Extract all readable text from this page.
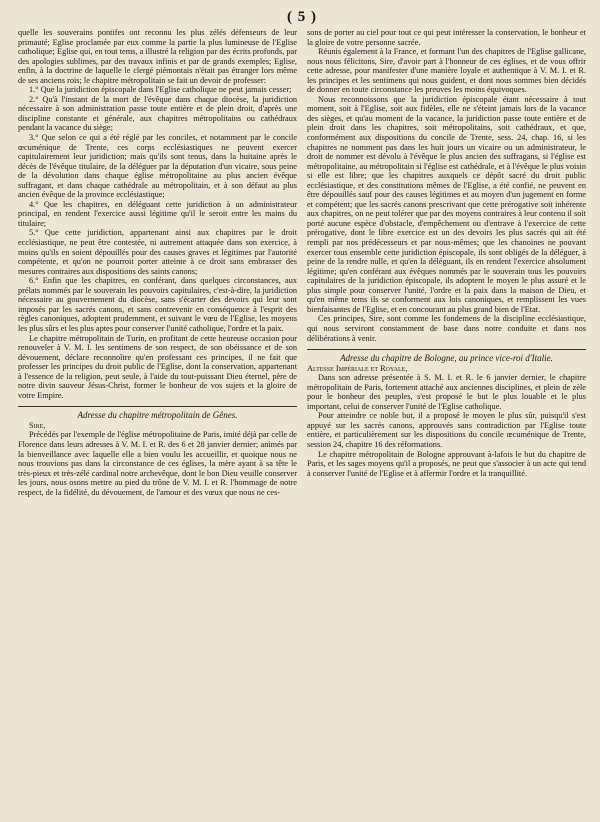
( 5 )

quelle les souverains pontifes ont reconnu les plus zélés défenseurs de leur primauté; Eglise proclamée par eux comme la partie la plus lumineuse de l'Eglise catholique; Eglise qui, en tout tems, a illustré la religion par des écrits profonds, par des apologies sublimes, par des travaux infinis et par de grands exemples; Eglise, enfin, à la doctrine de laquelle le clergé piémontais n'était pas étranger lors même de ses anciens rois; le chapitre métropolitain se fait un devoir de professer:

1.° Que la juridiction épiscopale dans l'Eglise catholique ne peut jamais cesser;

2.° Qu'à l'instant de la mort de l'évêque dans chaque diocèse, la juridiction nécessaire à son administration passe toute entière et de plein droit, d'après une discipline constante et générale, aux chapitres métropolitains ou cathédraux pendant la vacance du siège;

3.° Que selon ce qui a été réglé par les conciles, et notamment par le concile œcuménique de Trente, ces corps ecclésiastiques ne peuvent exercer capitulairement leur juridiction; mais qu'ils sont tenus, dans la huitaine après le décès de l'évêque titulaire, de la déléguer par la députation d'un vicaire, sous peine de la dévolution dans chaque église métropolitaine au plus ancien évêque suffragant, et dans chaque cathédrale au métropolitain, et à son défaut au plus ancien évêque de la province ecclésiastique;

4.° Que les chapitres, en déléguant cette juridiction à un administrateur principal, en rendent l'exercice aussi légitime qu'il le seroit entre les mains du titulaire;

5.° Que cette juridiction, appartenant ainsi aux chapitres par le droit ecclésiastique, ne peut être contestée, ni autrement attaquée dans son exercice, à moins qu'ils en soient dépouillés pour des causes graves et légitimes par l'autorité compétente, et qu'on ne pourroit porter atteinte à ce droit sans embrasser des mesures contraires aux dispositions des saints canons;

6.° Enfin que les chapitres, en conférant, dans quelques circonstances, aux prélats nommés par le souverain les pouvoirs capitulaires, c'est-à-dire, la juridiction nécessaire au gouvernement du diocèse, sans s'écarter des devoirs qui leur sont imposés par les sacrés canons, et sans contrevenir en conséquence à l'esprit des règles canoniques, adoptent prudemment, et suivant le vœu de l'Eglise, les moyens les plus sûrs et les plus aptes pour conserver l'unité catholique, l'ordre et la paix.

Le chapitre métropolitain de Turin, en profitant de cette heureuse occasion pour renouveler à V. M. I. les sentimens de son respect, de son obéissance et de son dévouement, déclare reconnoître qu'en professant ces principes, il ne fait que professer les principes du droit public de l'Eglise, dont la conservation, appartenant à l'essence de la religion, peut seule, à l'aide du tout-puissant Dieu éternel, père de notre divin sauveur Jésus-Christ, former le bonheur de vos sujets et la gloire de votre Empire.

Adresse du chapitre métropolitain de Gênes.

Sire,

Précédés par l'exemple de l'église métropolitaine de Paris, imité déjà par celle de Florence dans leurs adresses à V. M. I. et R. des 6 et 28 janvier dernier; animés par la bienveillance avec laquelle elle a bien voulu les accueillir, et quoique nous ne nous trouvions pas dans la circonstance de ces églises, la mère ayant à sa tête le très-pieux et très-zélé cardinal notre archevêque, dont le bon Dieu veuille conserver les jours, nous osons mettre au pied du trône de V. M. I. et R. l'hommage de notre respect, de la fidélité, du dévouement, de l'amour et des vœux que nous ne ces-

sons de porter au ciel pour tout ce qui peut intéresser la conservation, le bonheur et la gloire de votre personne sacrée.

Réunis également à la France, et formant l'un des chapitres de l'Eglise gallicane, nous nous félicitons, Sire, d'avoir part à l'honneur de ces églises, et de vous offrir cette adresse, pour manifester d'une manière loyale et authentique à V. M. I. et R. les principes et les sentimens qui nous guident, et dont nous sommes bien décidés de donner en toute circonstance les preuves les moins équivoques.

Nous reconnoissons que la juridiction épiscopale étant nécessaire à tout moment, soit à l'Eglise, soit aux fidèles, elle ne s'éteint jamais lors de la vacance des sièges, et qu'au moment de la vacance, la juridiction passe toute entière et de plein droit dans les chapitres, soit métropolitains, soit cathédraux, et que, conformément aux dispositions du concile de Trente, sess. 24, chap. 16, si les chapitres ne nomment pas dans les huit jours un vicaire ou un administrateur, le droit de nommer est dévolu à l'évêque le plus ancien des suffragans, si l'église est métropolitaine, au métropolitain si l'église est cathédrale, et à l'évêque le plus voisin si elle est libre; que les chapitres auxquels ce dépôt sacré du droit public ecclésiastique, et des constitutions mêmes de l'Eglise, a été confié, ne peuvent en être dépouillés sauf pour des causes légitimes et au moyen d'un jugement en forme et compétent; que les sacrés canons prescrivant que cette prérogative soit inhérente aux chapitres, on ne peut tolérer que par des moyens contraires à leur contenu il soit porté aucune espèce d'obstacle, d'empêchement ou d'entrave à l'exercice de cette prérogative, dont le libre exercice est un des devoirs les plus sacrés qui ait été rempli par nos prédécesseurs et par nous-mêmes; que les chanoines ne pouvant exercer tous ensemble cette juridiction épiscopale, ils sont obligés de la déléguer, à peine de la rendre nulle, et qu'en la déléguant, ils en rendent l'exercice absolument légitime; qu'en conférant aux évêques nommés par le souverain tous les pouvoirs capitulaires de la juridiction épiscopale, ils adoptent le moyen le plus assuré et le plus simple pour conserver l'unité, l'ordre et la paix dans la maison de Dieu, et qu'en même tems ils se conforment aux lois canoniques, et remplissent les vues bienfaisantes de l'Eglise, et en concourant au plus grand bien de l'Etat.

Ces principes, Sire, sont comme les fondemens de la discipline ecclésiastique, qui nous serviront constamment de base dans notre conduite et dans nos délibérations à venir.

Adresse du chapitre de Bologne, au prince vice-roi d'Italie.

Altesse Impériale et Royale,

Dans son adresse présentée à S. M. I. et R. le 6 janvier dernier, le chapitre métropolitain de Paris, fortement attaché aux anciennes disciplines, et plein de zèle pour le bonheur des peuples, s'est proposé le but le plus louable et le plus important, celui de conserver l'unité de l'Eglise catholique.

Pour atteindre ce noble but, il a proposé le moyen le plus sûr, puisqu'il s'est appuyé sur les sacrés canons, approuvés sans contradiction par l'Eglise toute entière, et particulièrement sur les dispositions du concile œcuménique de Trente, session 24, chapitre 16 des réformations.

Le chapitre métropolitain de Bologne approuvant à-lafois le but du chapitre de Paris, et les sages moyens qu'il a proposés, ne peut que s'associer à un acte qui tend à conserver l'unité de l'Eglise et à affermir l'ordre et la tranquillité.
